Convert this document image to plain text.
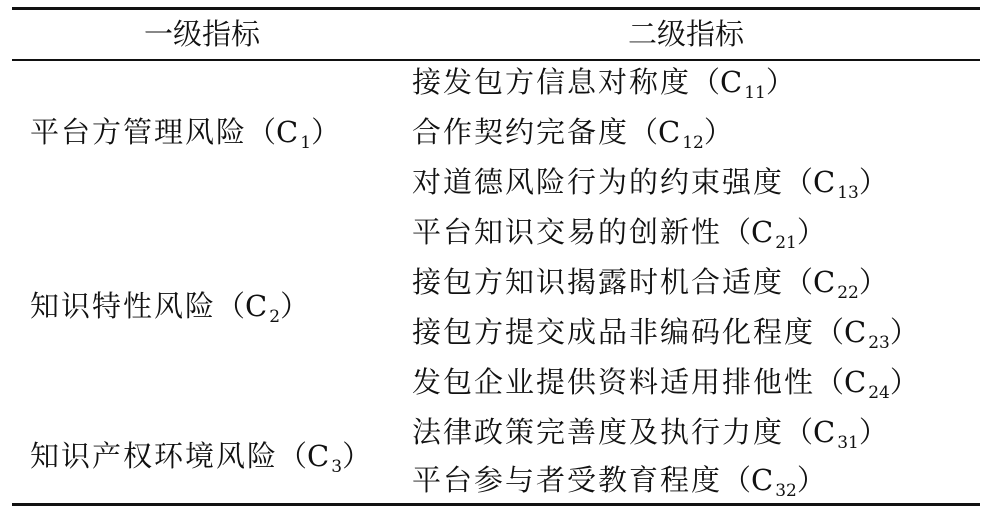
一级指标	二级指标
平台方管理风险$(C_1)$
接发包方信息对称度$(C_{11})$
合作契约完备度$(C_{12})$
对道德风险行为的约束强度$(C_{13})$
知识特性风险$(C_2)$
平台知识交易的创新性$(C_{21})$
接包方知识揭露时机合适度$(C_{22})$
接包方提交成品非编码化程度$(C_{23})$
发包企业提供资料适用排他性$(C_{24})$
知识产权环境风险$(C_3)$
法律政策完善度及执行力度$(C_{31})$
平台参与者受教育程度$(C_{32})$
